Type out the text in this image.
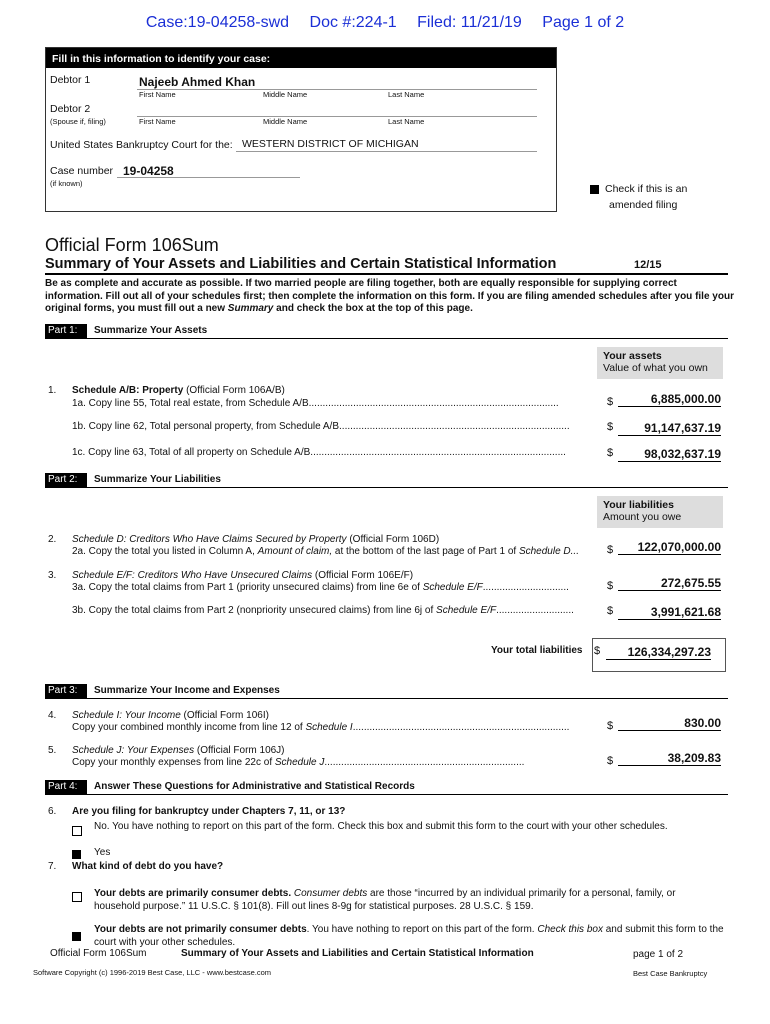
Case:19-04258-swd Doc #:224-1 Filed: 11/21/19 Page 1 of 2
Fill in this information to identify your case:
Debtor 1	Najeeb Ahmed Khan
First Name	Middle Name	Last Name
Debtor 2
(Spouse if, filing)	First Name	Middle Name	Last Name
United States Bankruptcy Court for the: WESTERN DISTRICT OF MICHIGAN
Case number 19-04258
(if known)	Check if this is an
amended filing
Official Form 106Sum
Summary of Your Assets and Liabilities and Certain Statistical Information	12/15
Be as complete and accurate as possible. If two married people are filing together, both are equally responsible for supplying correct information. Fill out all of your schedules first; then complete the information on this form. If you are filing amended schedules after you file your original forms, you must fill out a new Summary and check the box at the top of this page.
Part 1:	Summarize Your Assets
Your assets
Value of what you own
1. Schedule A/B: Property (Official Form 106A/B)
1a. Copy line 55, Total real estate, from Schedule A/B..........................................................................................	$	6,885,000.00
1b. Copy line 62, Total personal property, from Schedule A/B...................................................................................	$	91,147,637.19
1c. Copy line 63, Total of all property on Schedule A/B............................................................................................	$	98,032,637.19
Part 2:	Summarize Your Liabilities
Your liabilities
Amount you owe
2. Schedule D: Creditors Who Have Claims Secured by Property (Official Form 106D)
2a. Copy the total you listed in Column A, Amount of claim, at the bottom of the last page of Part 1 of Schedule D...	$	122,070,000.00
3. Schedule E/F: Creditors Who Have Unsecured Claims (Official Form 106E/F)
3a. Copy the total claims from Part 1 (priority unsecured claims) from line 6e of Schedule E/F...............................	$	272,675.55
3b. Copy the total claims from Part 2 (nonpriority unsecured claims) from line 6j of Schedule E/F............................	$	3,991,621.68
Your total liabilities $	126,334,297.23
Part 3:	Summarize Your Income and Expenses
4. Schedule I: Your Income (Official Form 106I)
Copy your combined monthly income from line 12 of Schedule I..............................................................................	$	830.00
5. Schedule J: Your Expenses (Official Form 106J)
Copy your monthly expenses from line 22c of Schedule J........................................................................	$	38,209.83
Part 4:	Answer These Questions for Administrative and Statistical Records
6. Are you filing for bankruptcy under Chapters 7, 11, or 13?
No. You have nothing to report on this part of the form. Check this box and submit this form to the court with your other schedules.
Yes
7. What kind of debt do you have?
Your debts are primarily consumer debts. Consumer debts are those “incurred by an individual primarily for a personal, family, or household purpose.” 11 U.S.C. § 101(8). Fill out lines 8-9g for statistical purposes. 28 U.S.C. § 159.
Your debts are not primarily consumer debts. You have nothing to report on this part of the form. Check this box and submit this form to the court with your other schedules.
Official Form 106Sum	Summary of Your Assets and Liabilities and Certain Statistical Information	page 1 of 2
Software Copyright (c) 1996-2019 Best Case, LLC - www.bestcase.com	Best Case Bankruptcy
